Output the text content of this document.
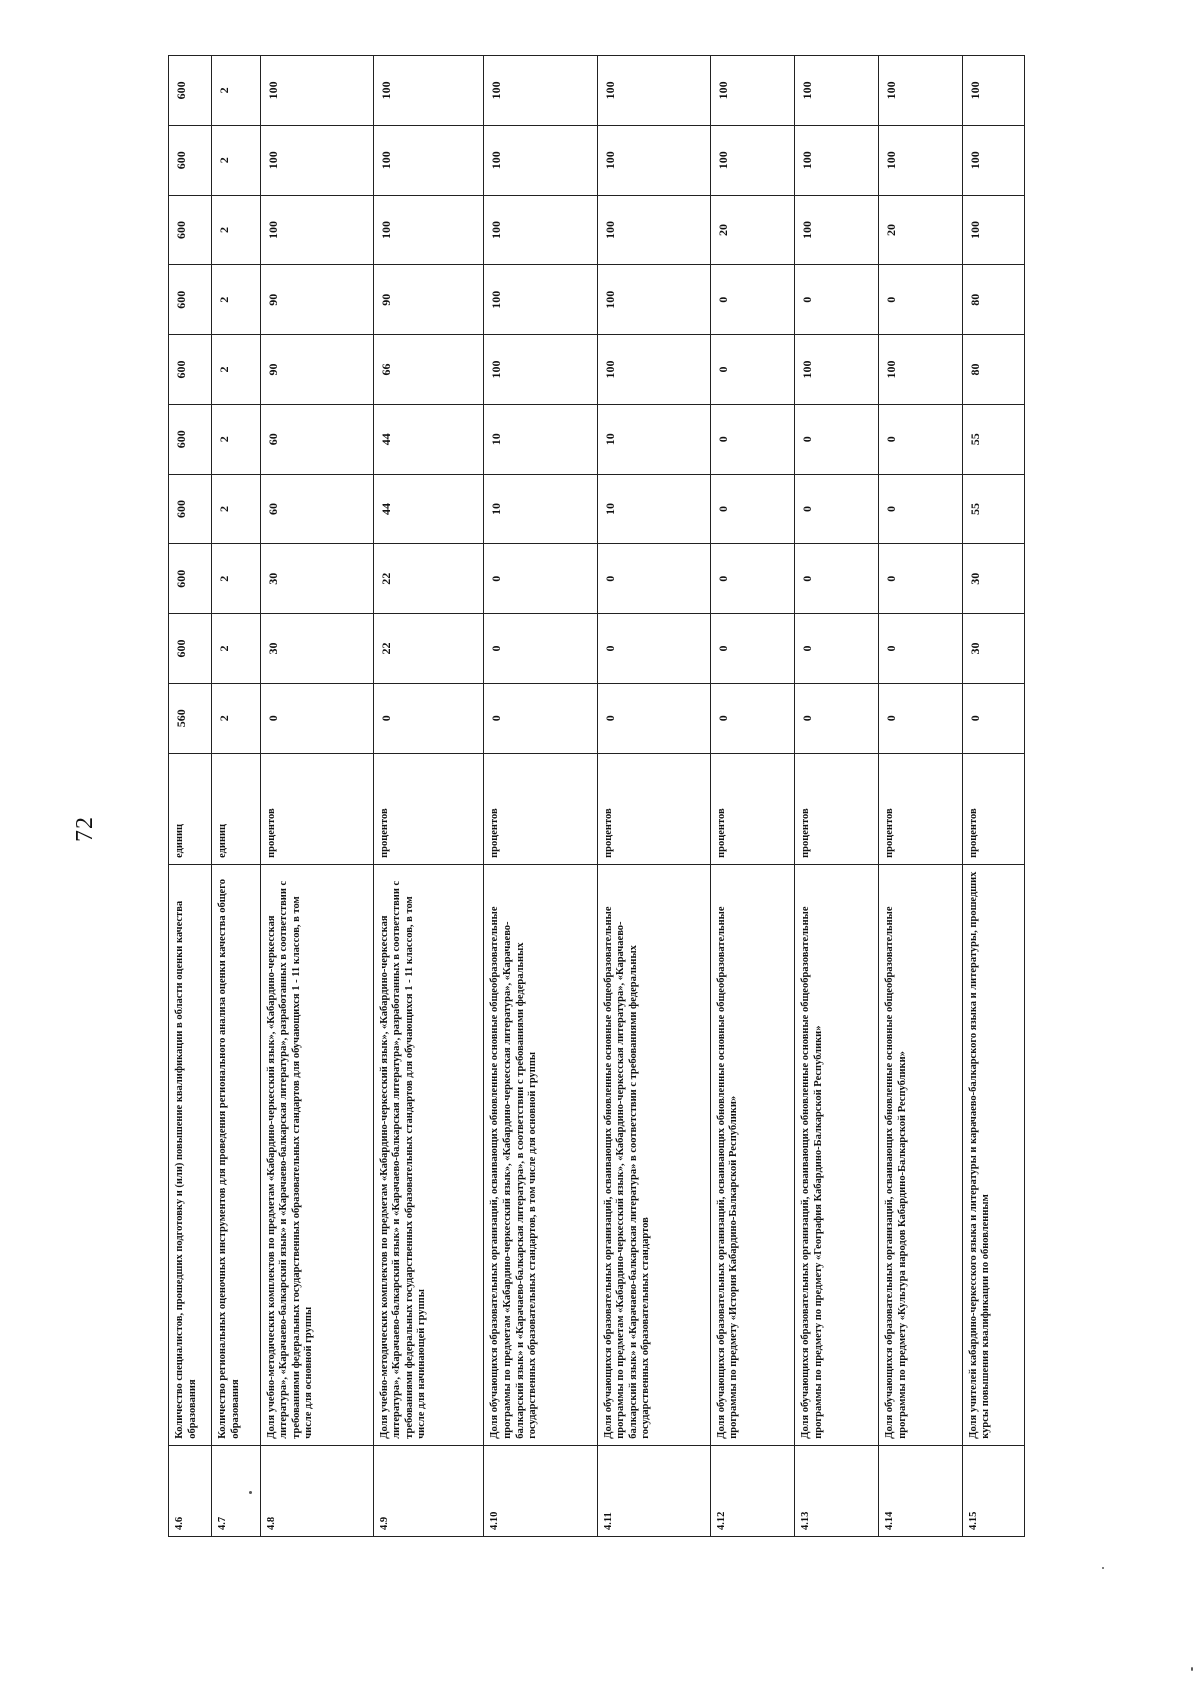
72
4.6	Количество специалистов, прошедших подготовку и (или) повышение квалификации в области оценки качества образования	единиц	560	600	600	600	600	600	600	600	600	600
4.7	Количество региональных оценочных инструментов для проведения регионального анализа оценки качества общего образования	единиц	2	2	2	2	2	2	2	2	2	2
4.8	Доля учебно-методических комплектов по предметам «Кабардино-черкесский язык», «Кабардино-черкесская литература», «Карачаево-балкарский язык» и «Карачаево-балкарская литература», разработанных в соответствии с требованиями федеральных государственных образовательных стандартов для обучающихся 1 - 11 классов, в том числе для основной группы	процентов	0	30	30	60	60	90	90	100	100	100
4.9	Доля учебно-методических комплектов по предметам «Кабардино-черкесский язык», «Кабардино-черкесская литература», «Карачаево-балкарский язык» и «Карачаево-балкарская литература», разработанных в соответствии с требованиями федеральных государственных образовательных стандартов для обучающихся 1 - 11 классов, в том числе для начинающей группы	процентов	0	22	22	44	44	66	90	100	100	100
4.10	Доля обучающихся образовательных организаций, осваивающих обновленные основные общеобразовательные программы по предметам «Кабардино-черкесский язык», «Кабардино-черкесская литература», «Карачаево-балкарский язык» и «Карачаево-балкарская литература», в соответствии с требованиями федеральных государственных образовательных стандартов, в том числе для основной группы	процентов	0	0	0	10	10	100	100	100	100	100
4.11	Доля обучающихся образовательных организаций, осваивающих обновленные основные общеобразовательные программы по предметам «Кабардино-черкесский язык», «Кабардино-черкесская литература», «Карачаево-балкарский язык» и «Карачаево-балкарская литература» в соответствии с требованиями федеральных государственных образовательных стандартов	процентов	0	0	0	10	10	100	100	100	100	100
4.12	Доля обучающихся образовательных организаций, осваивающих обновленные основные общеобразовательные программы по предмету «История Кабардино-Балкарской Республики»	процентов	0	0	0	0	0	0	0	20	100	100
4.13	Доля обучающихся образовательных организаций, осваивающих обновленные основные общеобразовательные программы по предмету по предмету «География Кабардино-Балкарской Республики»	процентов	0	0	0	0	0	100	0	100	100	100
4.14	Доля обучающихся образовательных организаций, осваивающих обновленные основные общеобразовательные программы по предмету «Культура народов Кабардино-Балкарской Республики»	процентов	0	0	0	0	0	100	0	20	100	100
4.15	Доля учителей кабардино-черкесского языка и литературы и карачаево-балкарского языка и литературы, прошедших курсы повышения квалификации по обновленным	процентов	0	30	30	55	55	80	80	100	100	100
